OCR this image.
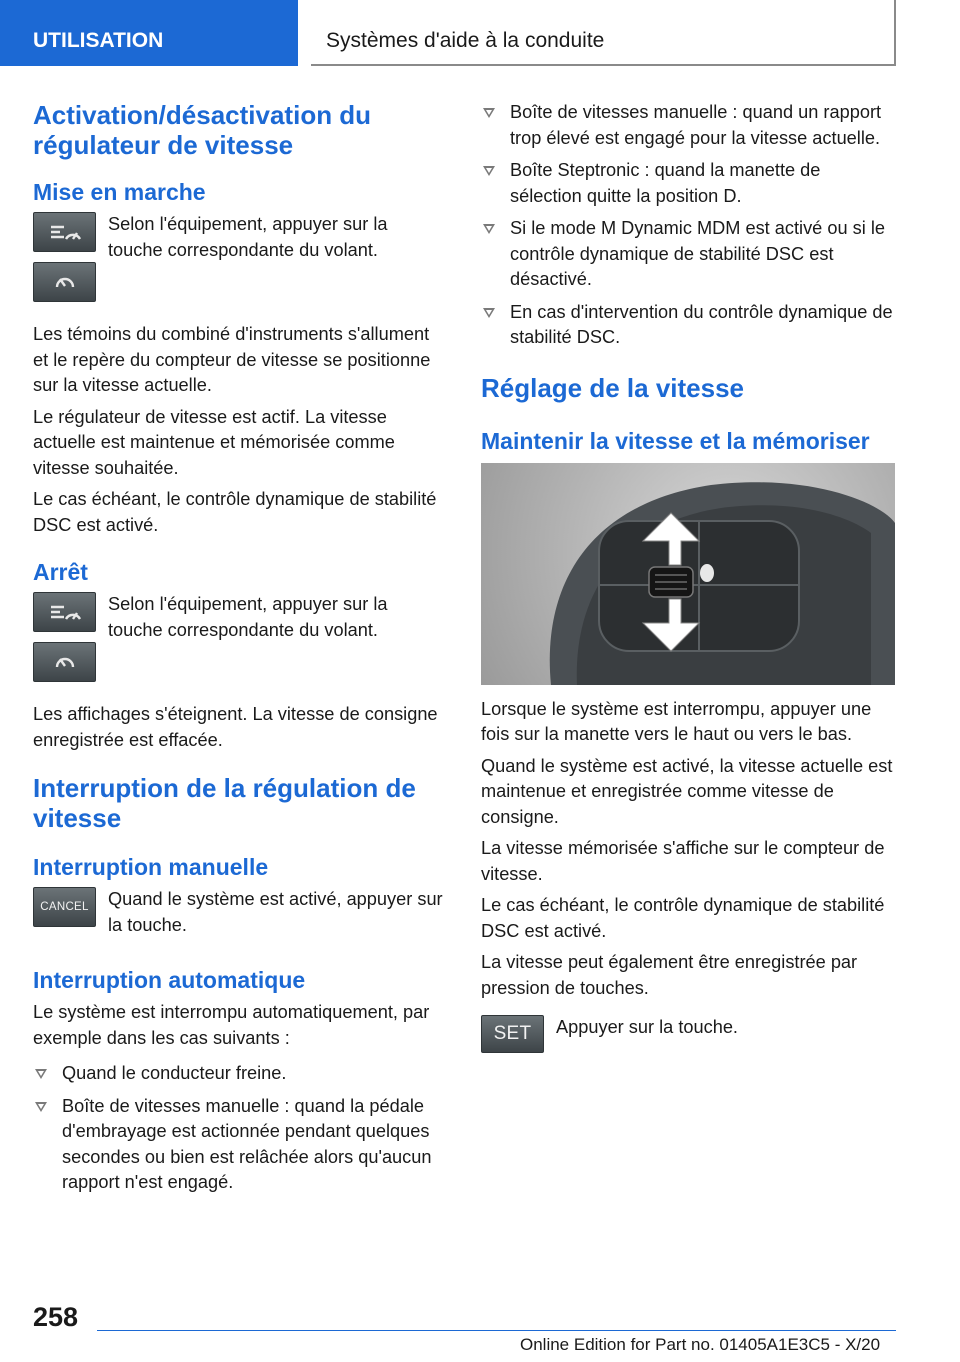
UTILISATION	Systèmes d'aide à la conduite
Activation/désactivation du régulateur de vitesse
Mise en marche

Selon l'équipement, appuyer sur la touche correspondante du volant.

Les témoins du combiné d'instruments s'allument et le repère du compteur de vitesse se positionne sur la vitesse actuelle.

Le régulateur de vitesse est actif. La vitesse actuelle est maintenue et mémorisée comme vitesse souhaitée.

Le cas échéant, le contrôle dynamique de stabilité DSC est activé.

Arrêt

Selon l'équipement, appuyer sur la touche correspondante du volant.

Les affichages s'éteignent. La vitesse de consigne enregistrée est effacée.

Interruption de la régulation de vitesse
Interruption manuelle
CANCEL Quand le système est activé, appuyer sur la touche.

Interruption automatique

Le système est interrompu automatiquement, par exemple dans les cas suivants :

Quand le conducteur freine.
Boîte de vitesses manuelle : quand la pédale d'embrayage est actionnée pendant quelques secondes ou bien est relâchée alors qu'aucun rapport n'est engagé.
Boîte de vitesses manuelle : quand un rapport trop élevé est engagé pour la vitesse actuelle.
Boîte Steptronic : quand la manette de sélection quitte la position D.
Si le mode M Dynamic MDM est activé ou si le contrôle dynamique de stabilité DSC est désactivé.
En cas d'intervention du contrôle dynamique de stabilité DSC.
Réglage de la vitesse
Maintenir la vitesse et la mémoriser

Lorsque le système est interrompu, appuyer une fois sur la manette vers le haut ou vers le bas.

Quand le système est activé, la vitesse actuelle est maintenue et enregistrée comme vitesse de consigne.

La vitesse mémorisée s'affiche sur le compteur de vitesse.

Le cas échéant, le contrôle dynamique de stabilité DSC est activé.

La vitesse peut également être enregistrée par pression de touches.

SET Appuyer sur la touche.

258
Online Edition for Part no. 01405A1E3C5 - X/20
